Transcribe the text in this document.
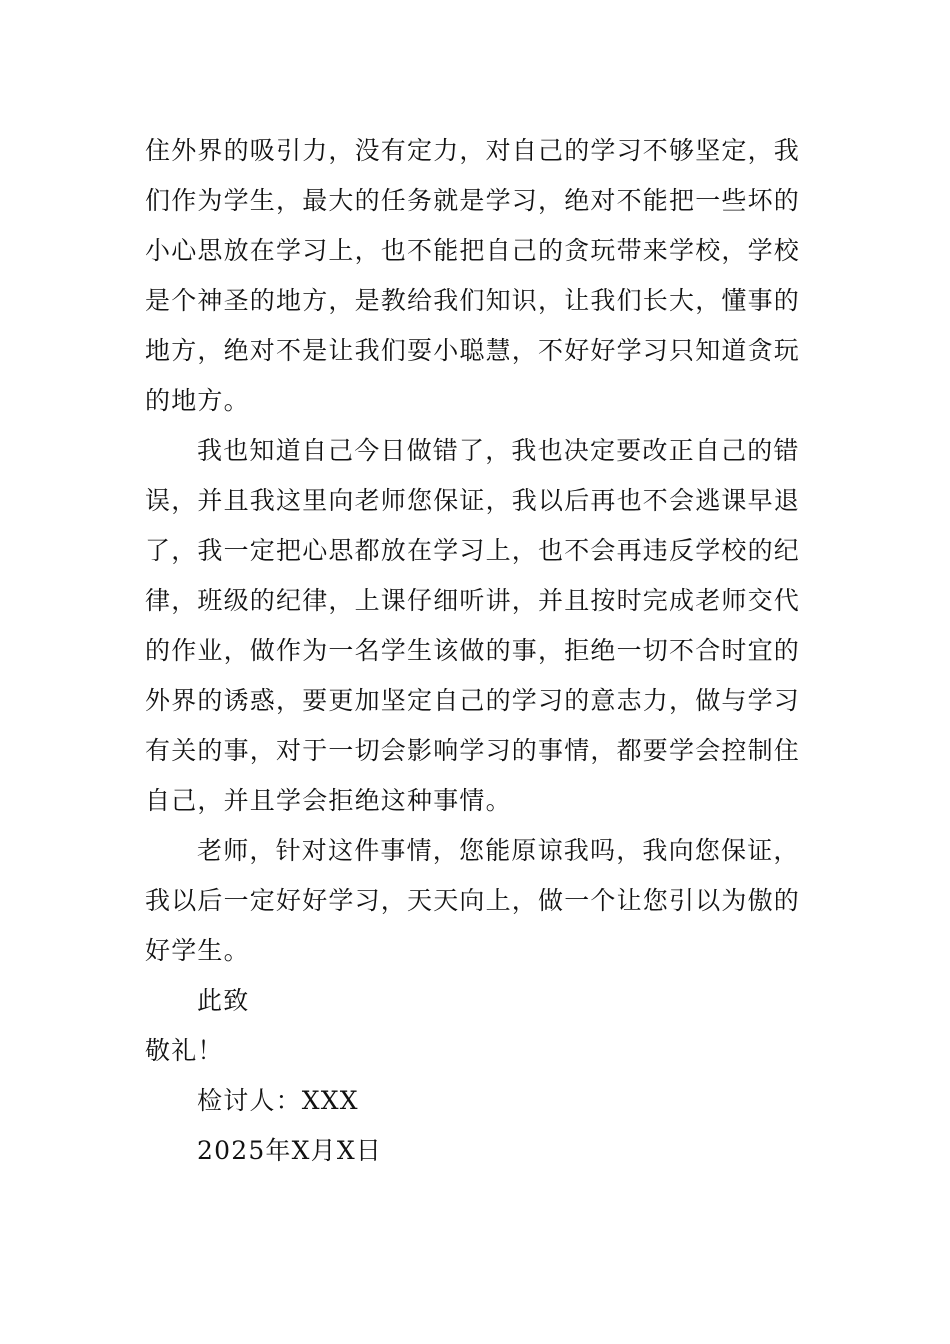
住外界的吸引力，没有定力，对自己的学习不够坚定，我
们作为学生，最大的任务就是学习，绝对不能把一些坏的
小心思放在学习上，也不能把自己的贪玩带来学校，学校
是个神圣的地方，是教给我们知识，让我们长大，懂事的
地方，绝对不是让我们耍小聪慧，不好好学习只知道贪玩
的地方。
我也知道自己今日做错了，我也决定要改正自己的错
误，并且我这里向老师您保证，我以后再也不会逃课早退
了，我一定把心思都放在学习上，也不会再违反学校的纪
律，班级的纪律，上课仔细听讲，并且按时完成老师交代
的作业，做作为一名学生该做的事，拒绝一切不合时宜的
外界的诱惑，要更加坚定自己的学习的意志力，做与学习
有关的事，对于一切会影响学习的事情，都要学会控制住
自己，并且学会拒绝这种事情。
老师，针对这件事情，您能原谅我吗，我向您保证，
我以后一定好好学习，天天向上，做一个让您引以为傲的
好学生。
此致
敬礼！
检讨人：XXX
2025年X月X日
